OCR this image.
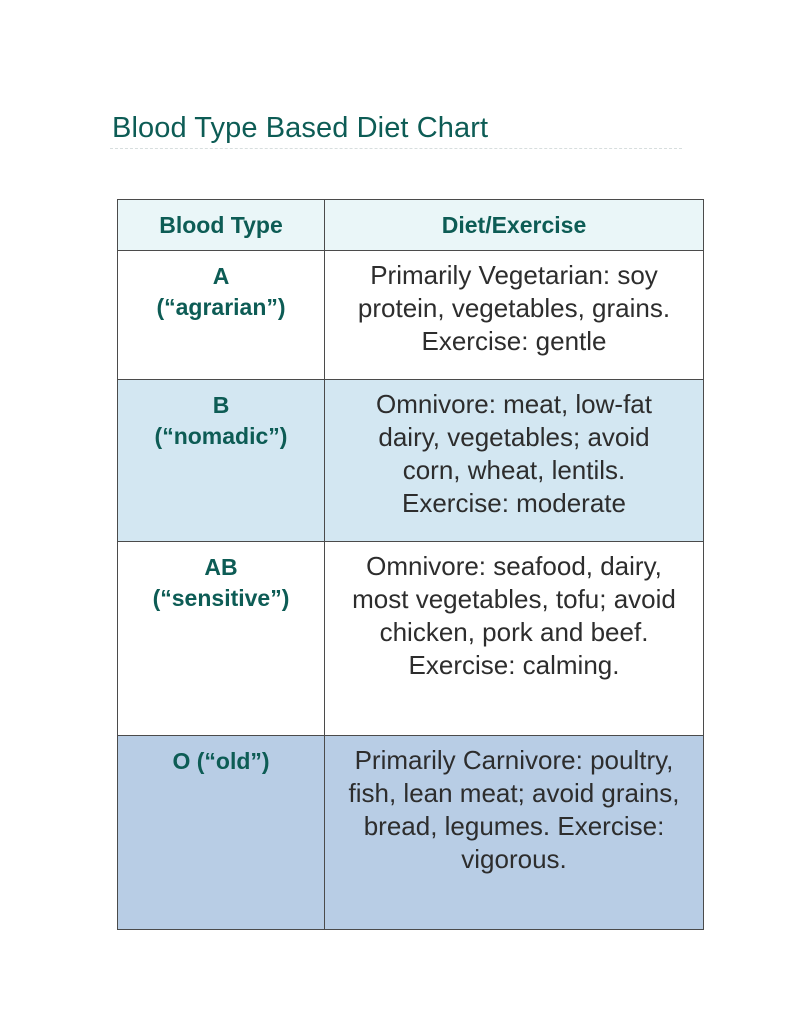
Blood Type Based Diet Chart
Blood Type	Diet/Exercise

A
(“agrarian”)	Primarily Vegetarian: soy protein, vegetables, grains. Exercise: gentle

B
(“nomadic”)	Omnivore: meat, low-fat dairy, vegetables; avoid corn, wheat, lentils. Exercise: moderate

AB
(“sensitive”)	Omnivore: seafood, dairy, most vegetables, tofu; avoid chicken, pork and beef. Exercise: calming.

O (“old”)	Primarily Carnivore: poultry, fish, lean meat; avoid grains, bread, legumes. Exercise: vigorous.
